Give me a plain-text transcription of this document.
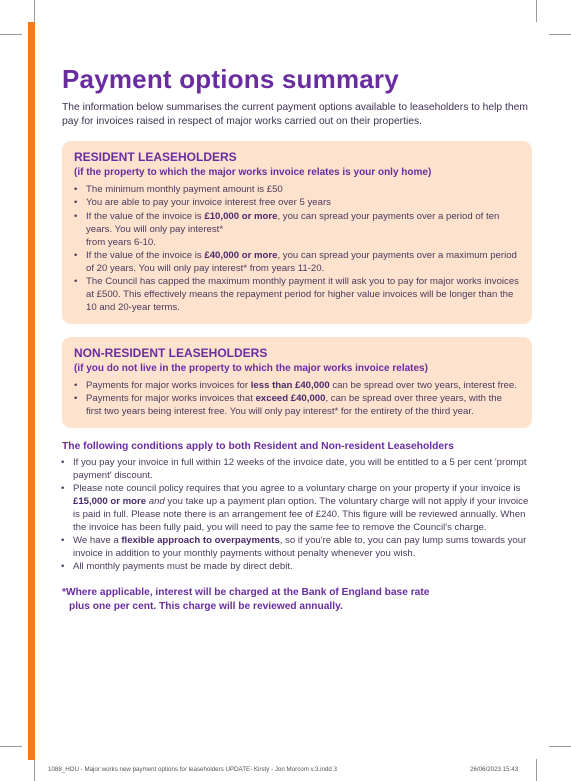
Payment options summary
The information below summarises the current payment options available to leaseholders to help them pay for invoices raised in respect of major works carried out on their properties.
RESIDENT LEASEHOLDERS
(if the property to which the major works invoice relates is your only home)
• The minimum monthly payment amount is £50
• You are able to pay your invoice interest free over 5 years
• If the value of the invoice is £10,000 or more, you can spread your payments over a period of ten years. You will only pay interest*
from years 6-10.
• If the value of the invoice is £40,000 or more, you can spread your payments over a maximum period of 20 years. You will only pay interest* from years 11-20.
• The Council has capped the maximum monthly payment it will ask you to pay for major works invoices at £500. This effectively means the repayment period for higher value invoices will be longer than the 10 and 20-year terms.
NON-RESIDENT LEASEHOLDERS
(if you do not live in the property to which the major works invoice relates)
• Payments for major works invoices for less than £40,000 can be spread over two years, interest free.
• Payments for major works invoices that exceed £40,000, can be spread over three years, with the first two years being interest free. You will only pay interest* for the entirety of the third year.
The following conditions apply to both Resident and Non-resident Leaseholders
• If you pay your invoice in full within 12 weeks of the invoice date, you will be entitled to a 5 per cent 'prompt payment' discount.
• Please note council policy requires that you agree to a voluntary charge on your property if your invoice is £15,000 or more and you take up a payment plan option. The voluntary charge will not apply if your invoice is paid in full. Please note there is an arrangement fee of £240. This figure will be reviewed annually. When the invoice has been fully paid, you will need to pay the same fee to remove the Council's charge.
• We have a flexible approach to overpayments, so if you're able to, you can pay lump sums towards your invoice in addition to your monthly payments without penalty whenever you wish.
• All monthly payments must be made by direct debit.
*Where applicable, interest will be charged at the Bank of England base rate
plus one per cent. This charge will be reviewed annually.
1088_HOU - Major works new payment options for leaseholders UPDATE- Kirsty - Jon Morcom v.3.indd 3	26/06/2023 15:43
